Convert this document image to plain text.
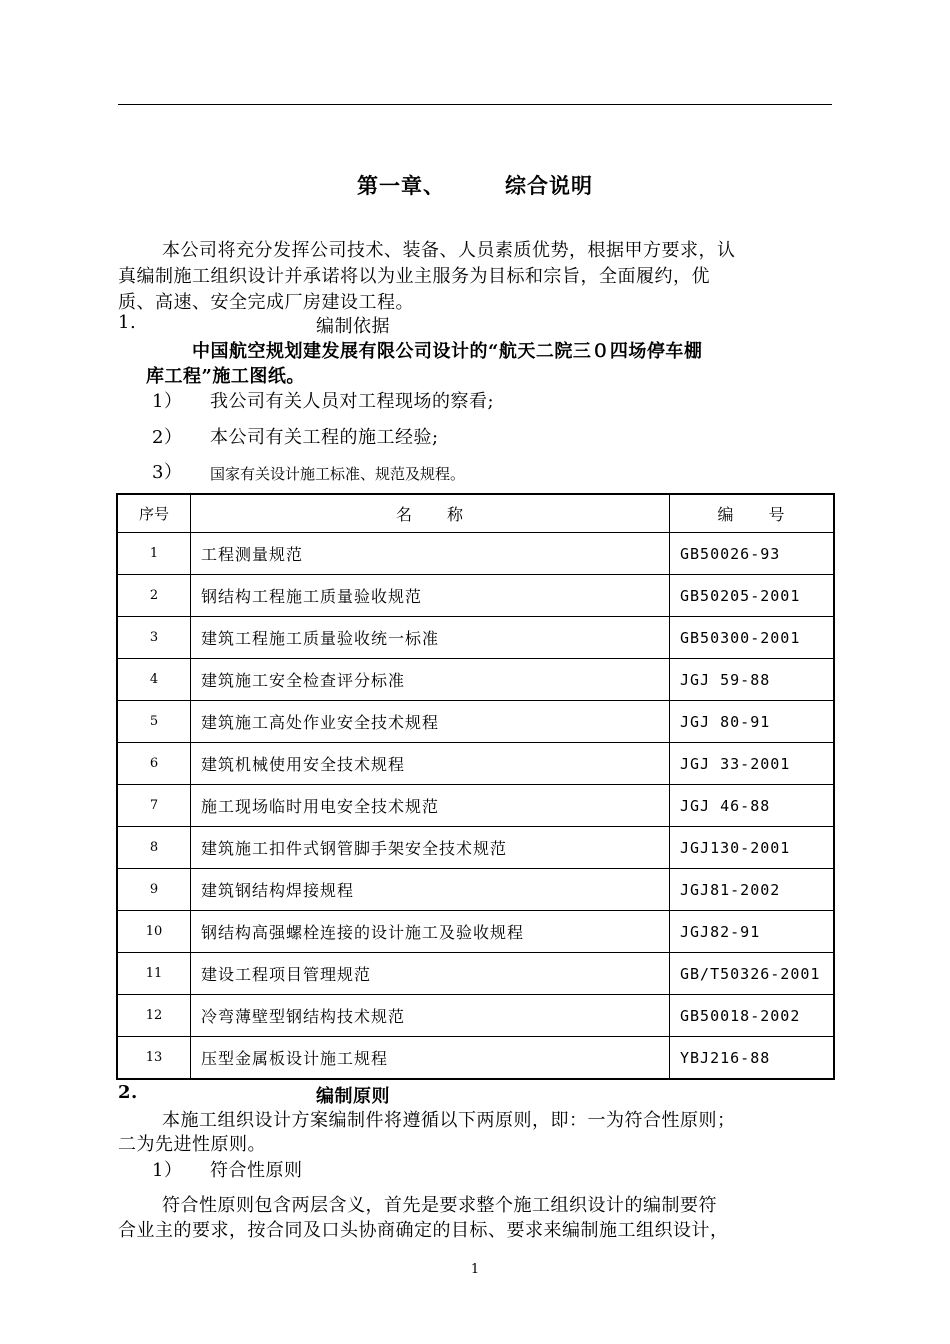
第一章、	综合说明
本公司将充分发挥公司技术、装备、人员素质优势，根据甲方要求，认
真编制施工组织设计并承诺将以为业主服务为目标和宗旨，全面履约，优
质、高速、安全完成厂房建设工程。
1.	编制依据
中国航空规划建发展有限公司设计的“航天二院三０四场停车棚
库工程”施工图纸。
1） 我公司有关人员对工程现场的察看;
2） 本公司有关工程的施工经验;
3） 国家有关设计施工标准、规范及规程。
序号	名　　称	编　　号
1	工程测量规范	GB50026-93
2	钢结构工程施工质量验收规范	GB50205-2001
3	建筑工程施工质量验收统一标准	GB50300-2001
4	建筑施工安全检查评分标准	JGJ 59-88
5	建筑施工高处作业安全技术规程	JGJ 80-91
6	建筑机械使用安全技术规程	JGJ 33-2001
7	施工现场临时用电安全技术规范	JGJ 46-88
8	建筑施工扣件式钢管脚手架安全技术规范	JGJ130-2001
9	建筑钢结构焊接规程	JGJ81-2002
10	钢结构高强螺栓连接的设计施工及验收规程	JGJ82-91
11	建设工程项目管理规范	GB/T50326-2001
12	冷弯薄壁型钢结构技术规范	GB50018-2002
13	压型金属板设计施工规程	YBJ216-88
2.	编制原则
本施工组织设计方案编制件将遵循以下两原则，即：一为符合性原则；
二为先进性原则。
1） 符合性原则
符合性原则包含两层含义，首先是要求整个施工组织设计的编制要符
合业主的要求，按合同及口头协商确定的目标、要求来编制施工组织设计，
1
